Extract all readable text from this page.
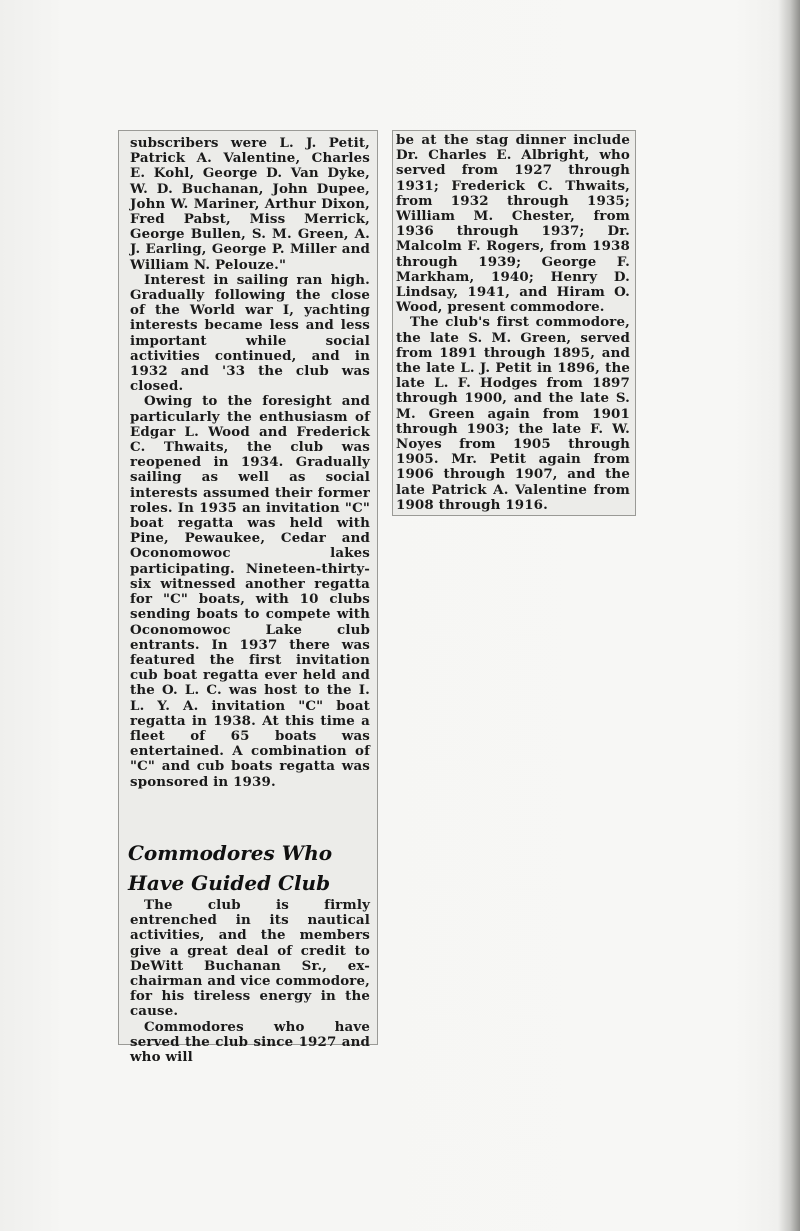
subscribers were L. J. Petit, Patrick A. Valentine, Charles E. Kohl, George D. Van Dyke, W. D. Buchanan, John Dupee, John W. Mariner, Arthur Dixon, Fred Pabst, Miss Merrick, George Bullen, S. M. Green, A. J. Earling, George P. Miller and William N. Pelouze."

Interest in sailing ran high. Gradually following the close of the World war I, yachting interests became less and less important while social activities continued, and in 1932 and '33 the club was closed.

Owing to the foresight and particularly the enthusiasm of Edgar L. Wood and Frederick C. Thwaits, the club was reopened in 1934. Gradually sailing as well as social interests assumed their former roles. In 1935 an invitation "C" boat regatta was held with Pine, Pewaukee, Cedar and Oconomowoc lakes participating. Nineteen-thirty-six witnessed another regatta for "C" boats, with 10 clubs sending boats to compete with Oconomowoc Lake club entrants. In 1937 there was featured the first invitation cub boat regatta ever held and the O. L. C. was host to the I. L. Y. A. invitation "C" boat regatta in 1938. At this time a fleet of 65 boats was entertained. A combination of "C" and cub boats regatta was sponsored in 1939.

Commodores Who
Have Guided Club

The club is firmly entrenched in its nautical activities, and the members give a great deal of credit to DeWitt Buchanan Sr., ex-chairman and vice commodore, for his tireless energy in the cause.

Commodores who have served the club since 1927 and who will

be at the stag dinner include Dr. Charles E. Albright, who served from 1927 through 1931; Frederick C. Thwaits, from 1932 through 1935; William M. Chester, from 1936 through 1937; Dr. Malcolm F. Rogers, from 1938 through 1939; George F. Markham, 1940; Henry D. Lindsay, 1941, and Hiram O. Wood, present commodore.

The club's first commodore, the late S. M. Green, served from 1891 through 1895, and the late L. J. Petit in 1896, the late L. F. Hodges from 1897 through 1900, and the late S. M. Green again from 1901 through 1903; the late F. W. Noyes from 1905 through 1905. Mr. Petit again from 1906 through 1907, and the late Patrick A. Valentine from 1908 through 1916.
